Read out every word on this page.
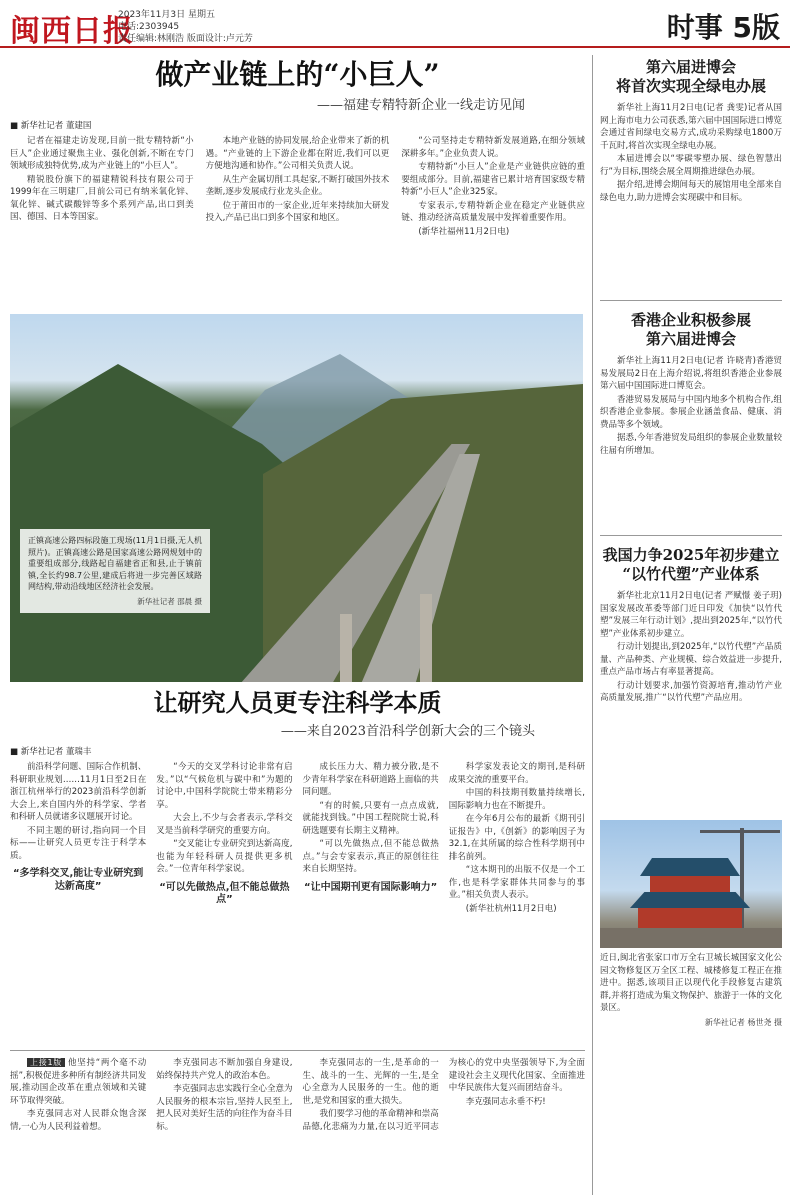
闽西日报
2023年11月3日 星期五
电话:2303945
责任编辑:林刚浩 版面设计:卢元芳	时事 5版
做产业链上的“小巨人”
——福建专精特新企业一线走访见闻
■ 新华社记者 董建国

记者在福建走访发现,目前一批专精特新“小巨人”企业通过聚焦主业、强化创新,不断在专门领域形成独特优势,成为产业链上的“小巨人”。

精锐股份旗下的福建精锐科技有限公司于1999年在三明建厂,目前公司已有纳米氧化锌、氧化锌、碱式碳酸锌等多个系列产品,出口到美国、德国、日本等国家。

本地产业链的协同发展,给企业带来了新的机遇。“产业链的上下游企业都在附近,我们可以更方便地沟通和协作。”公司相关负责人说。

从生产金属切削工具起家,不断打破国外技术垄断,逐步发展成行业龙头企业。

位于莆田市的一家企业,近年来持续加大研发投入,产品已出口到多个国家和地区。

“公司坚持走专精特新发展道路,在细分领域深耕多年。”企业负责人说。

专精特新“小巨人”企业是产业链供应链的重要组成部分。目前,福建省已累计培育国家级专精特新“小巨人”企业325家。

专家表示,专精特新企业在稳定产业链供应链、推动经济高质量发展中发挥着重要作用。

(新华社福州11月2日电)

正镇高速公路四标段施工现场(11月1日摄,无人机照片)。正镇高速公路是国家高速公路网规划中的重要组成部分,线路起自福建省正和县,止于镇前镇,全长约98.7公里,建成后将进一步完善区域路网结构,带动沿线地区经济社会发展。
新华社记者 邵晨 摄
让研究人员更专注科学本质
——来自2023首沿科学创新大会的三个镜头
■ 新华社记者 董瑞丰

前沿科学问题、国际合作机制、科研职业规划……11月1日至2日在浙江杭州举行的2023前沿科学创新大会上,来自国内外的科学家、学者和科研人员就诸多议题展开讨论。

不同主题的研讨,指向同一个目标——让研究人员更专注于科学本质。

“多学科交叉,能让专业研究到达新高度”

“今天的交叉学科讨论非常有启发。”以“气候危机与碳中和”为题的讨论中,中国科学院院士带来精彩分享。

大会上,不少与会者表示,学科交叉是当前科学研究的重要方向。

“交叉能让专业研究到达新高度,也能为年轻科研人员提供更多机会。”一位青年科学家说。

“可以先做热点,但不能总做热点”

成长压力大、精力被分散,是不少青年科学家在科研道路上面临的共同问题。

“有的时候,只要有一点点成就,就能找到钱。”中国工程院院士说,科研选题要有长期主义精神。

“可以先做热点,但不能总做热点。”与会专家表示,真正的原创往往来自长期坚持。

“让中国期刊更有国际影响力”

科学家发表论文的期刊,是科研成果交流的重要平台。

中国的科技期刊数量持续增长,国际影响力也在不断提升。

在今年6月公布的最新《期刊引证报告》中,《创新》的影响因子为32.1,在其所属的综合性科学期刊中排名前列。

“这本期刊的出版不仅是一个工作,也是科学家群体共同参与的事业。”相关负责人表示。

(新华社杭州11月2日电)

上接1版 他坚持“两个毫不动摇”,积极促进多种所有制经济共同发展,推动国企改革在重点领域和关键环节取得突破。

李克强同志对人民群众饱含深情,一心为人民利益着想。

李克强同志不断加强自身建设,始终保持共产党人的政治本色。

李克强同志忠实践行全心全意为人民服务的根本宗旨,坚持人民至上,把人民对美好生活的向往作为奋斗目标。

李克强同志的一生,是革命的一生、战斗的一生、光辉的一生,是全心全意为人民服务的一生。他的逝世,是党和国家的重大损失。

我们要学习他的革命精神和崇高品德,化悲痛为力量,在以习近平同志为核心的党中央坚强领导下,为全面建设社会主义现代化国家、全面推进中华民族伟大复兴而团结奋斗。

李克强同志永垂不朽!

第六届进博会
将首次实现全绿电办展

新华社上海11月2日电(记者 龚雯)记者从国网上海市电力公司获悉,第六届中国国际进口博览会通过省间绿电交易方式,成功采购绿电1800万千瓦时,将首次实现全绿电办展。

本届进博会以“零碳零塑办展、绿色智慧出行”为目标,围绕会展全周期推进绿色办展。

据介绍,进博会期间每天的展馆用电全部来自绿色电力,助力进博会实现碳中和目标。

香港企业积极参展
第六届进博会

新华社上海11月2日电(记者 许晓青)香港贸易发展局2日在上海介绍说,将组织香港企业参展第六届中国国际进口博览会。

香港贸易发展局与中国内地多个机构合作,组织香港企业参展。参展企业涵盖食品、健康、消费品等多个领域。

据悉,今年香港贸发局组织的参展企业数量较往届有所增加。

我国力争2025年初步建立
“以竹代塑”产业体系

新华社北京11月2日电(记者 严赋憬 姜子玥)国家发展改革委等部门近日印发《加快“以竹代塑”发展三年行动计划》,提出到2025年,“以竹代塑”产业体系初步建立。

行动计划提出,到2025年,“以竹代塑”产品质量、产品种类、产业规模、综合效益进一步提升,重点产品市场占有率显著提高。

行动计划要求,加强竹资源培育,推动竹产业高质量发展,推广“以竹代塑”产品应用。

近日,闽北省张家口市万全右卫城长城国家文化公园文物修复区万全区工程、城楼修复工程正在推进中。据悉,该项目正以现代化手段修复古建筑群,并将打造成为集文物保护、旅游于一体的文化景区。
新华社记者 杨世尧 摄
